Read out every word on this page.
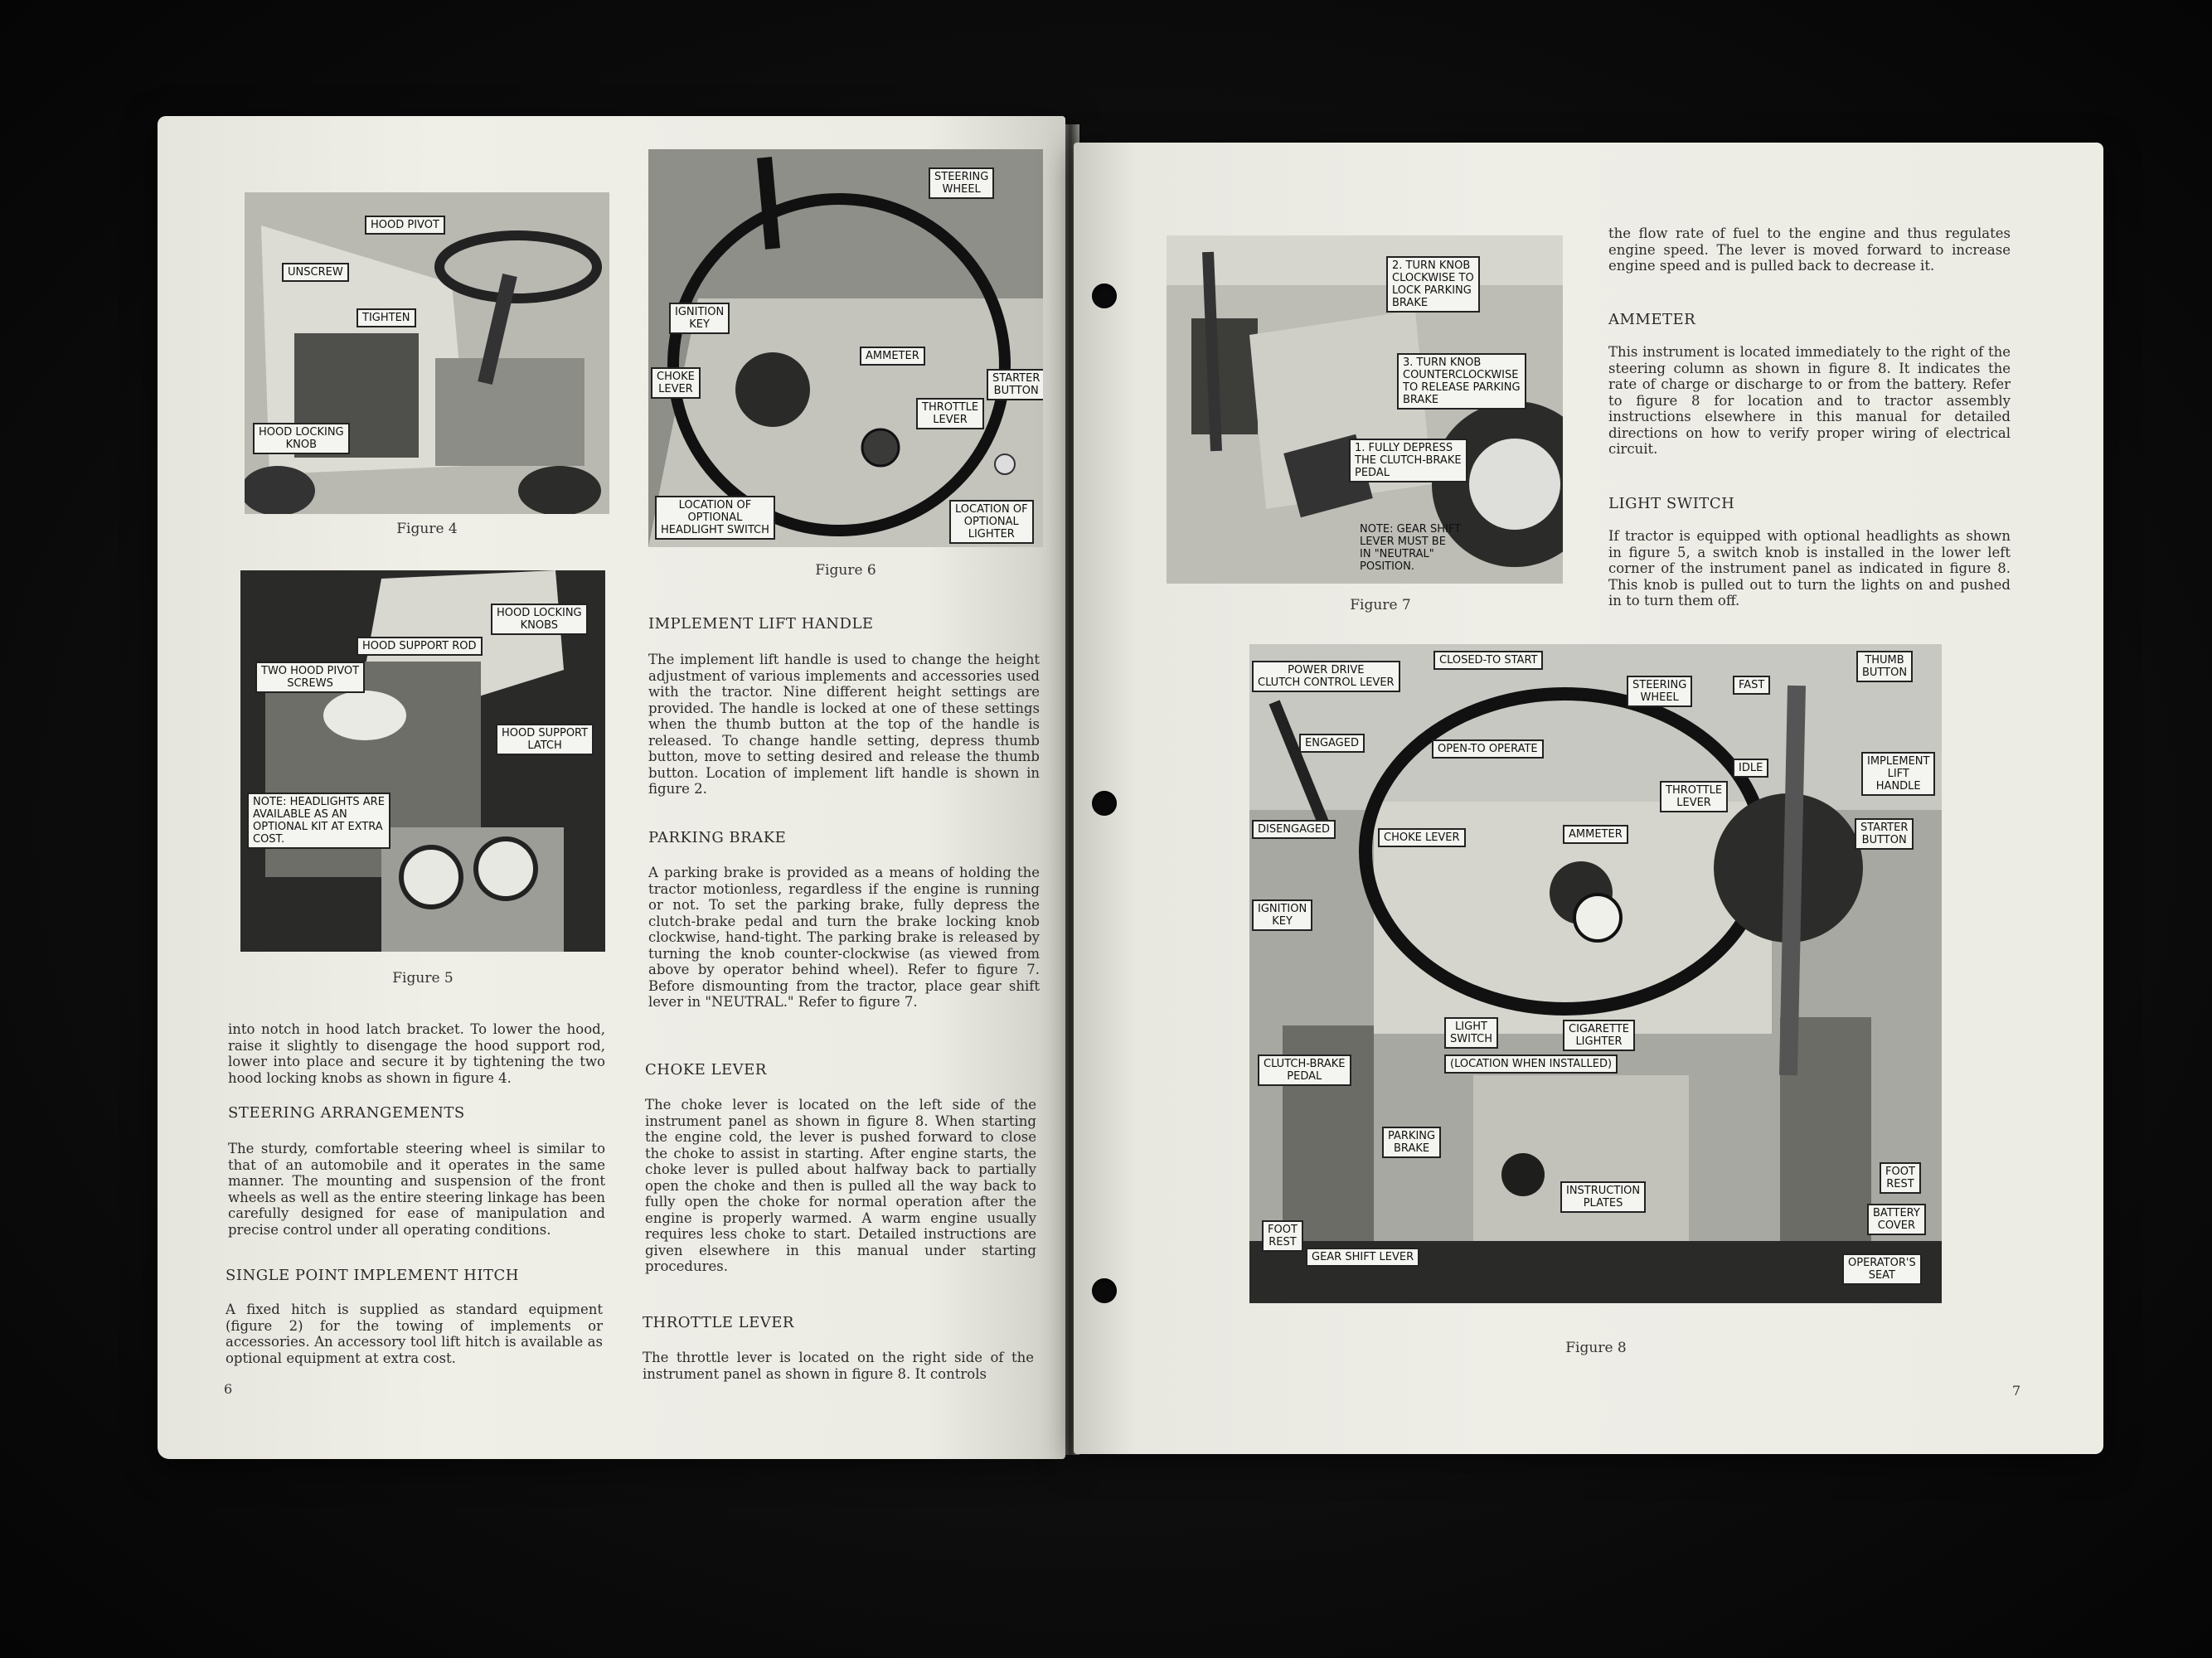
HOOD PIVOT
UNSCREW
TIGHTEN
HOOD LOCKING
KNOB
Figure 4
STEERING
WHEEL
IGNITION
KEY
CHOKE
LEVER
AMMETER
STARTER
BUTTON
THROTTLE
LEVER
LOCATION OF
OPTIONAL
HEADLIGHT SWITCH
LOCATION OF
OPTIONAL
LIGHTER
Figure 6
HOOD LOCKING
KNOBS
HOOD SUPPORT ROD
TWO HOOD PIVOT
SCREWS
HOOD SUPPORT
LATCH
NOTE: HEADLIGHTS ARE
AVAILABLE AS AN
OPTIONAL KIT AT EXTRA
COST.
Figure 5

into notch in hood latch bracket. To lower the hood, raise it slightly to disengage the hood support rod, lower into place and secure it by tightening the two hood locking knobs as shown in figure 4.

STEERING ARRANGEMENTS

The sturdy, comfortable steering wheel is similar to that of an automobile and it operates in the same manner. The mounting and suspension of the front wheels as well as the entire steering linkage has been carefully designed for ease of manipulation and precise control under all operating conditions.

SINGLE POINT IMPLEMENT HITCH

A fixed hitch is supplied as standard equipment (figure 2) for the towing of implements or accessories. An accessory tool lift hitch is available as optional equipment at extra cost.

6
IMPLEMENT LIFT HANDLE

The implement lift handle is used to change the height adjustment of various implements and accessories used with the tractor. Nine different height settings are provided. The handle is locked at one of these settings when the thumb button at the top of the handle is released. To change handle setting, depress thumb button, move to setting desired and release the thumb button. Location of implement lift handle is shown in figure 2.

PARKING BRAKE

A parking brake is provided as a means of holding the tractor motionless, regardless if the engine is running or not. To set the parking brake, fully depress the clutch-brake pedal and turn the brake locking knob clockwise, hand-tight. The parking brake is released by turning the knob counter-clockwise (as viewed from above by operator behind wheel). Refer to figure 7. Before dismounting from the tractor, place gear shift lever in "NEUTRAL." Refer to figure 7.

CHOKE LEVER

The choke lever is located on the left side of the instrument panel as shown in figure 8. When starting the engine cold, the lever is pushed forward to close the choke to assist in starting. After engine starts, the choke lever is pulled about halfway back to partially open the choke and then is pulled all the way back to fully open the choke for normal operation after the engine is properly warmed. A warm engine usually requires less choke to start. Detailed instructions are given elsewhere in this manual under starting procedures.

THROTTLE LEVER

The throttle lever is located on the right side of the instrument panel as shown in figure 8. It controls

2. TURN KNOB
CLOCKWISE TO
LOCK PARKING
BRAKE
3. TURN KNOB
COUNTERCLOCKWISE
TO RELEASE PARKING
BRAKE
1. FULLY DEPRESS
THE CLUTCH-BRAKE
PEDAL
NOTE: GEAR SHIFT
LEVER MUST BE
IN "NEUTRAL"
POSITION.
Figure 7

the flow rate of fuel to the engine and thus regulates engine speed. The lever is moved forward to increase engine speed and is pulled back to decrease it.

AMMETER

This instrument is located immediately to the right of the steering column as shown in figure 8. It indicates the rate of charge or discharge to or from the battery. Refer to figure 8 for location and to tractor assembly instructions elsewhere in this manual for detailed directions on how to verify proper wiring of electrical circuit.

LIGHT SWITCH

If tractor is equipped with optional headlights as shown in figure 5, a switch knob is installed in the lower left corner of the instrument panel as indicated in figure 8. This knob is pulled out to turn the lights on and pushed in to turn them off.

POWER DRIVE
CLUTCH CONTROL LEVER
CLOSED-TO START
OPEN-TO OPERATE
STEERING
WHEEL
FAST
IDLE
THUMB
BUTTON
IMPLEMENT
LIFT
HANDLE
ENGAGED
DISENGAGED
CHOKE LEVER	AMMETER
THROTTLE
LEVER
STARTER
BUTTON
IGNITION
KEY
LIGHT
SWITCH
CIGARETTE
LIGHTER
(LOCATION WHEN INSTALLED)
CLUTCH-BRAKE
PEDAL
PARKING
BRAKE
INSTRUCTION
PLATES
FOOT
REST
FOOT
REST
BATTERY
COVER
GEAR SHIFT LEVER	OPERATOR'S
SEAT
Figure 8
7
